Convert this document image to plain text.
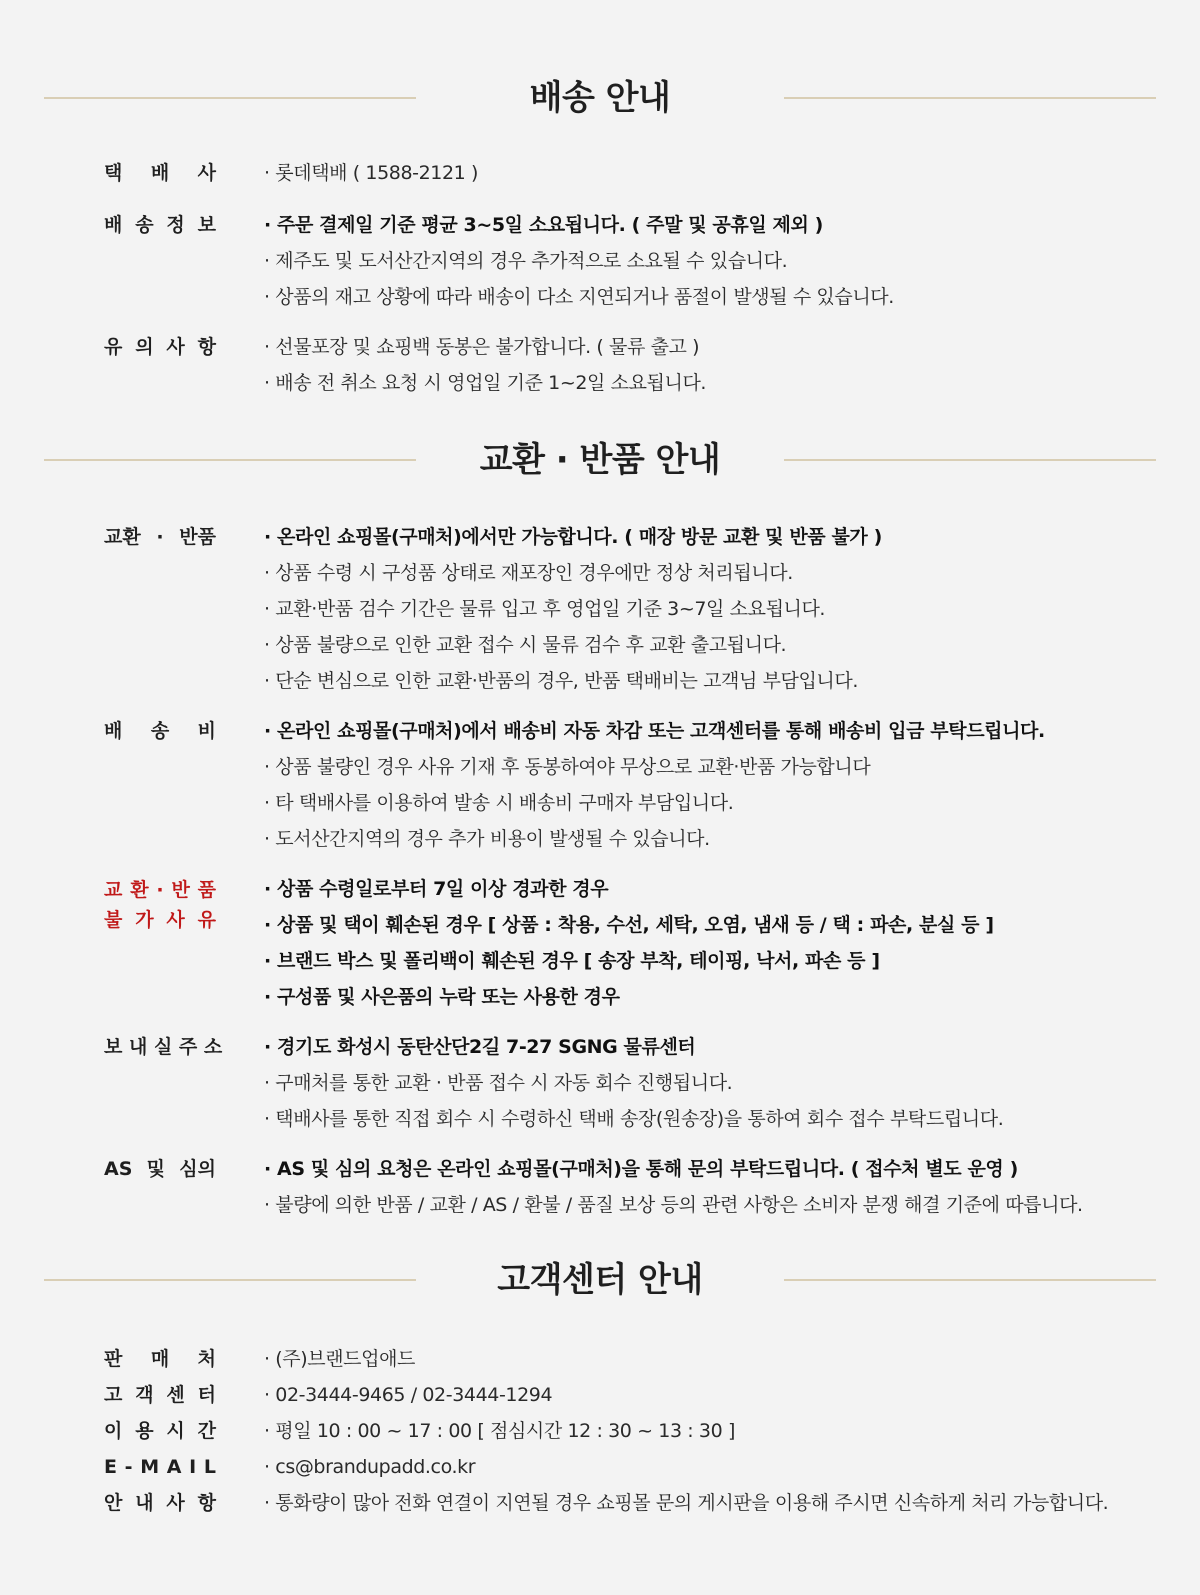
배송 안내
택 배 사	· 롯데택배 ( 1588-2121 )
배 송 정 보	· 주문 결제일 기준 평균 3~5일 소요됩니다. ( 주말 및 공휴일 제외 )
· 제주도 및 도서산간지역의 경우 추가적으로 소요될 수 있습니다.
· 상품의 재고 상황에 따라 배송이 다소 지연되거나 품절이 발생될 수 있습니다.
유 의 사 항	· 선물포장 및 쇼핑백 동봉은 불가합니다. ( 물류 출고 )
· 배송 전 취소 요청 시 영업일 기준 1~2일 소요됩니다.
교환 · 반품 안내
교환 · 반품	· 온라인 쇼핑몰(구매처)에서만 가능합니다. ( 매장 방문 교환 및 반품 불가 )
· 상품 수령 시 구성품 상태로 재포장인 경우에만 정상 처리됩니다.
· 교환·반품 검수 기간은 물류 입고 후 영업일 기준 3~7일 소요됩니다.
· 상품 불량으로 인한 교환 접수 시 물류 검수 후 교환 출고됩니다.
· 단순 변심으로 인한 교환·반품의 경우, 반품 택배비는 고객님 부담입니다.
배 송 비	· 온라인 쇼핑몰(구매처)에서 배송비 자동 차감 또는 고객센터를 통해 배송비 입금 부탁드립니다.
· 상품 불량인 경우 사유 기재 후 동봉하여야 무상으로 교환·반품 가능합니다
· 타 택배사를 이용하여 발송 시 배송비 구매자 부담입니다.
· 도서산간지역의 경우 추가 비용이 발생될 수 있습니다.
교 환 · 반 품
불 가 사 유
· 상품 수령일로부터 7일 이상 경과한 경우
· 상품 및 택이 훼손된 경우 [ 상품 : 착용, 수선, 세탁, 오염, 냄새 등 / 택 : 파손, 분실 등 ]
· 브랜드 박스 및 폴리백이 훼손된 경우 [ 송장 부착, 테이핑, 낙서, 파손 등 ]
· 구성품 및 사은품의 누락 또는 사용한 경우
보 내 실 주 소	· 경기도 화성시 동탄산단2길 7-27 SGNG 물류센터
· 구매처를 통한 교환 · 반품 접수 시 자동 회수 진행됩니다.
· 택배사를 통한 직접 회수 시 수령하신 택배 송장(원송장)을 통하여 회수 접수 부탁드립니다.
AS 및 심의	· AS 및 심의 요청은 온라인 쇼핑몰(구매처)을 통해 문의 부탁드립니다. ( 접수처 별도 운영 )
· 불량에 의한 반품 / 교환 / AS / 환불 / 품질 보상 등의 관련 사항은 소비자 분쟁 해결 기준에 따릅니다.
고객센터 안내
판 매 처	· (주)브랜드업애드
고 객 센 터	· 02-3444-9465 / 02-3444-1294
이 용 시 간	· 평일 10 : 00 ~ 17 : 00 [ 점심시간 12 : 30 ~ 13 : 30 ]
E - M A I L	· cs@brandupadd.co.kr
안 내 사 항	· 통화량이 많아 전화 연결이 지연될 경우 쇼핑몰 문의 게시판을 이용해 주시면 신속하게 처리 가능합니다.
